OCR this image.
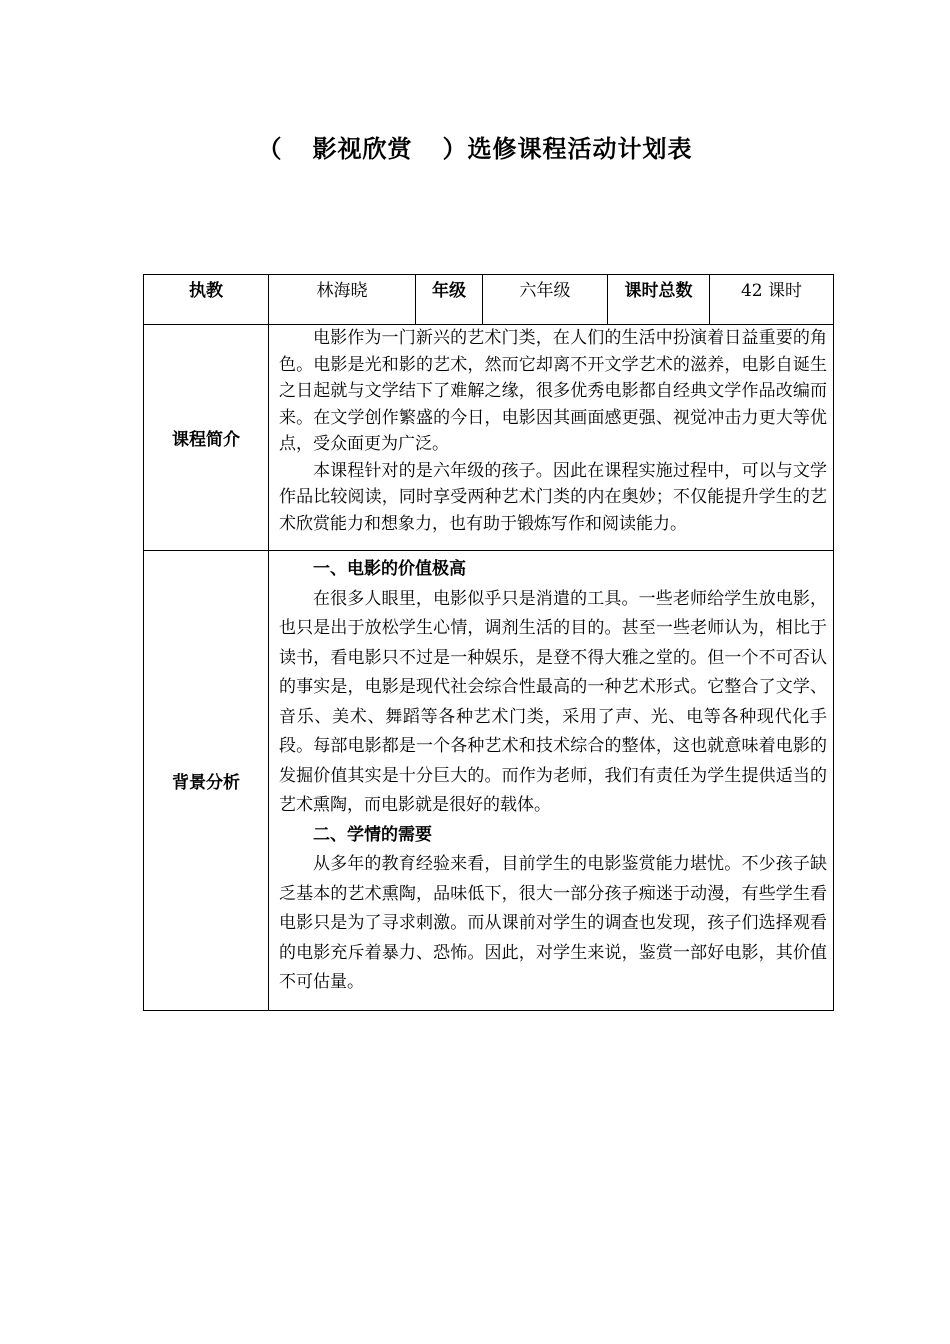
（ 影视欣赏 ）选修课程活动计划表
执教	林海晓	年级	六年级	课时总数	42 课时
课程简介	电影作为一门新兴的艺术门类，在人们的生活中扮演着日益重要的角色。电影是光和影的艺术，然而它却离不开文学艺术的滋养，电影自诞生之日起就与文学结下了难解之缘，很多优秀电影都自经典文学作品改编而来。在文学创作繁盛的今日，电影因其画面感更强、视觉冲击力更大等优点，受众面更为广泛。

本课程针对的是六年级的孩子。因此在课程实施过程中，可以与文学作品比较阅读，同时享受两种艺术门类的内在奥妙；不仅能提升学生的艺术欣赏能力和想象力，也有助于锻炼写作和阅读能力。				

背景分析	一、电影的价值极高

在很多人眼里，电影似乎只是消遣的工具。一些老师给学生放电影，也只是出于放松学生心情，调剂生活的目的。甚至一些老师认为，相比于读书，看电影只不过是一种娱乐，是登不得大雅之堂的。但一个不可否认的事实是，电影是现代社会综合性最高的一种艺术形式。它整合了文学、音乐、美术、舞蹈等各种艺术门类，采用了声、光、电等各种现代化手段。每部电影都是一个各种艺术和技术综合的整体，这也就意味着电影的发掘价值其实是十分巨大的。而作为老师，我们有责任为学生提供适当的艺术熏陶，而电影就是很好的载体。

二、学情的需要

从多年的教育经验来看，目前学生的电影鉴赏能力堪忧。不少孩子缺乏基本的艺术熏陶，品味低下，很大一部分孩子痴迷于动漫，有些学生看电影只是为了寻求刺激。而从课前对学生的调查也发现，孩子们选择观看的电影充斥着暴力、恐怖。因此，对学生来说，鉴赏一部好电影，其价值不可估量。				
